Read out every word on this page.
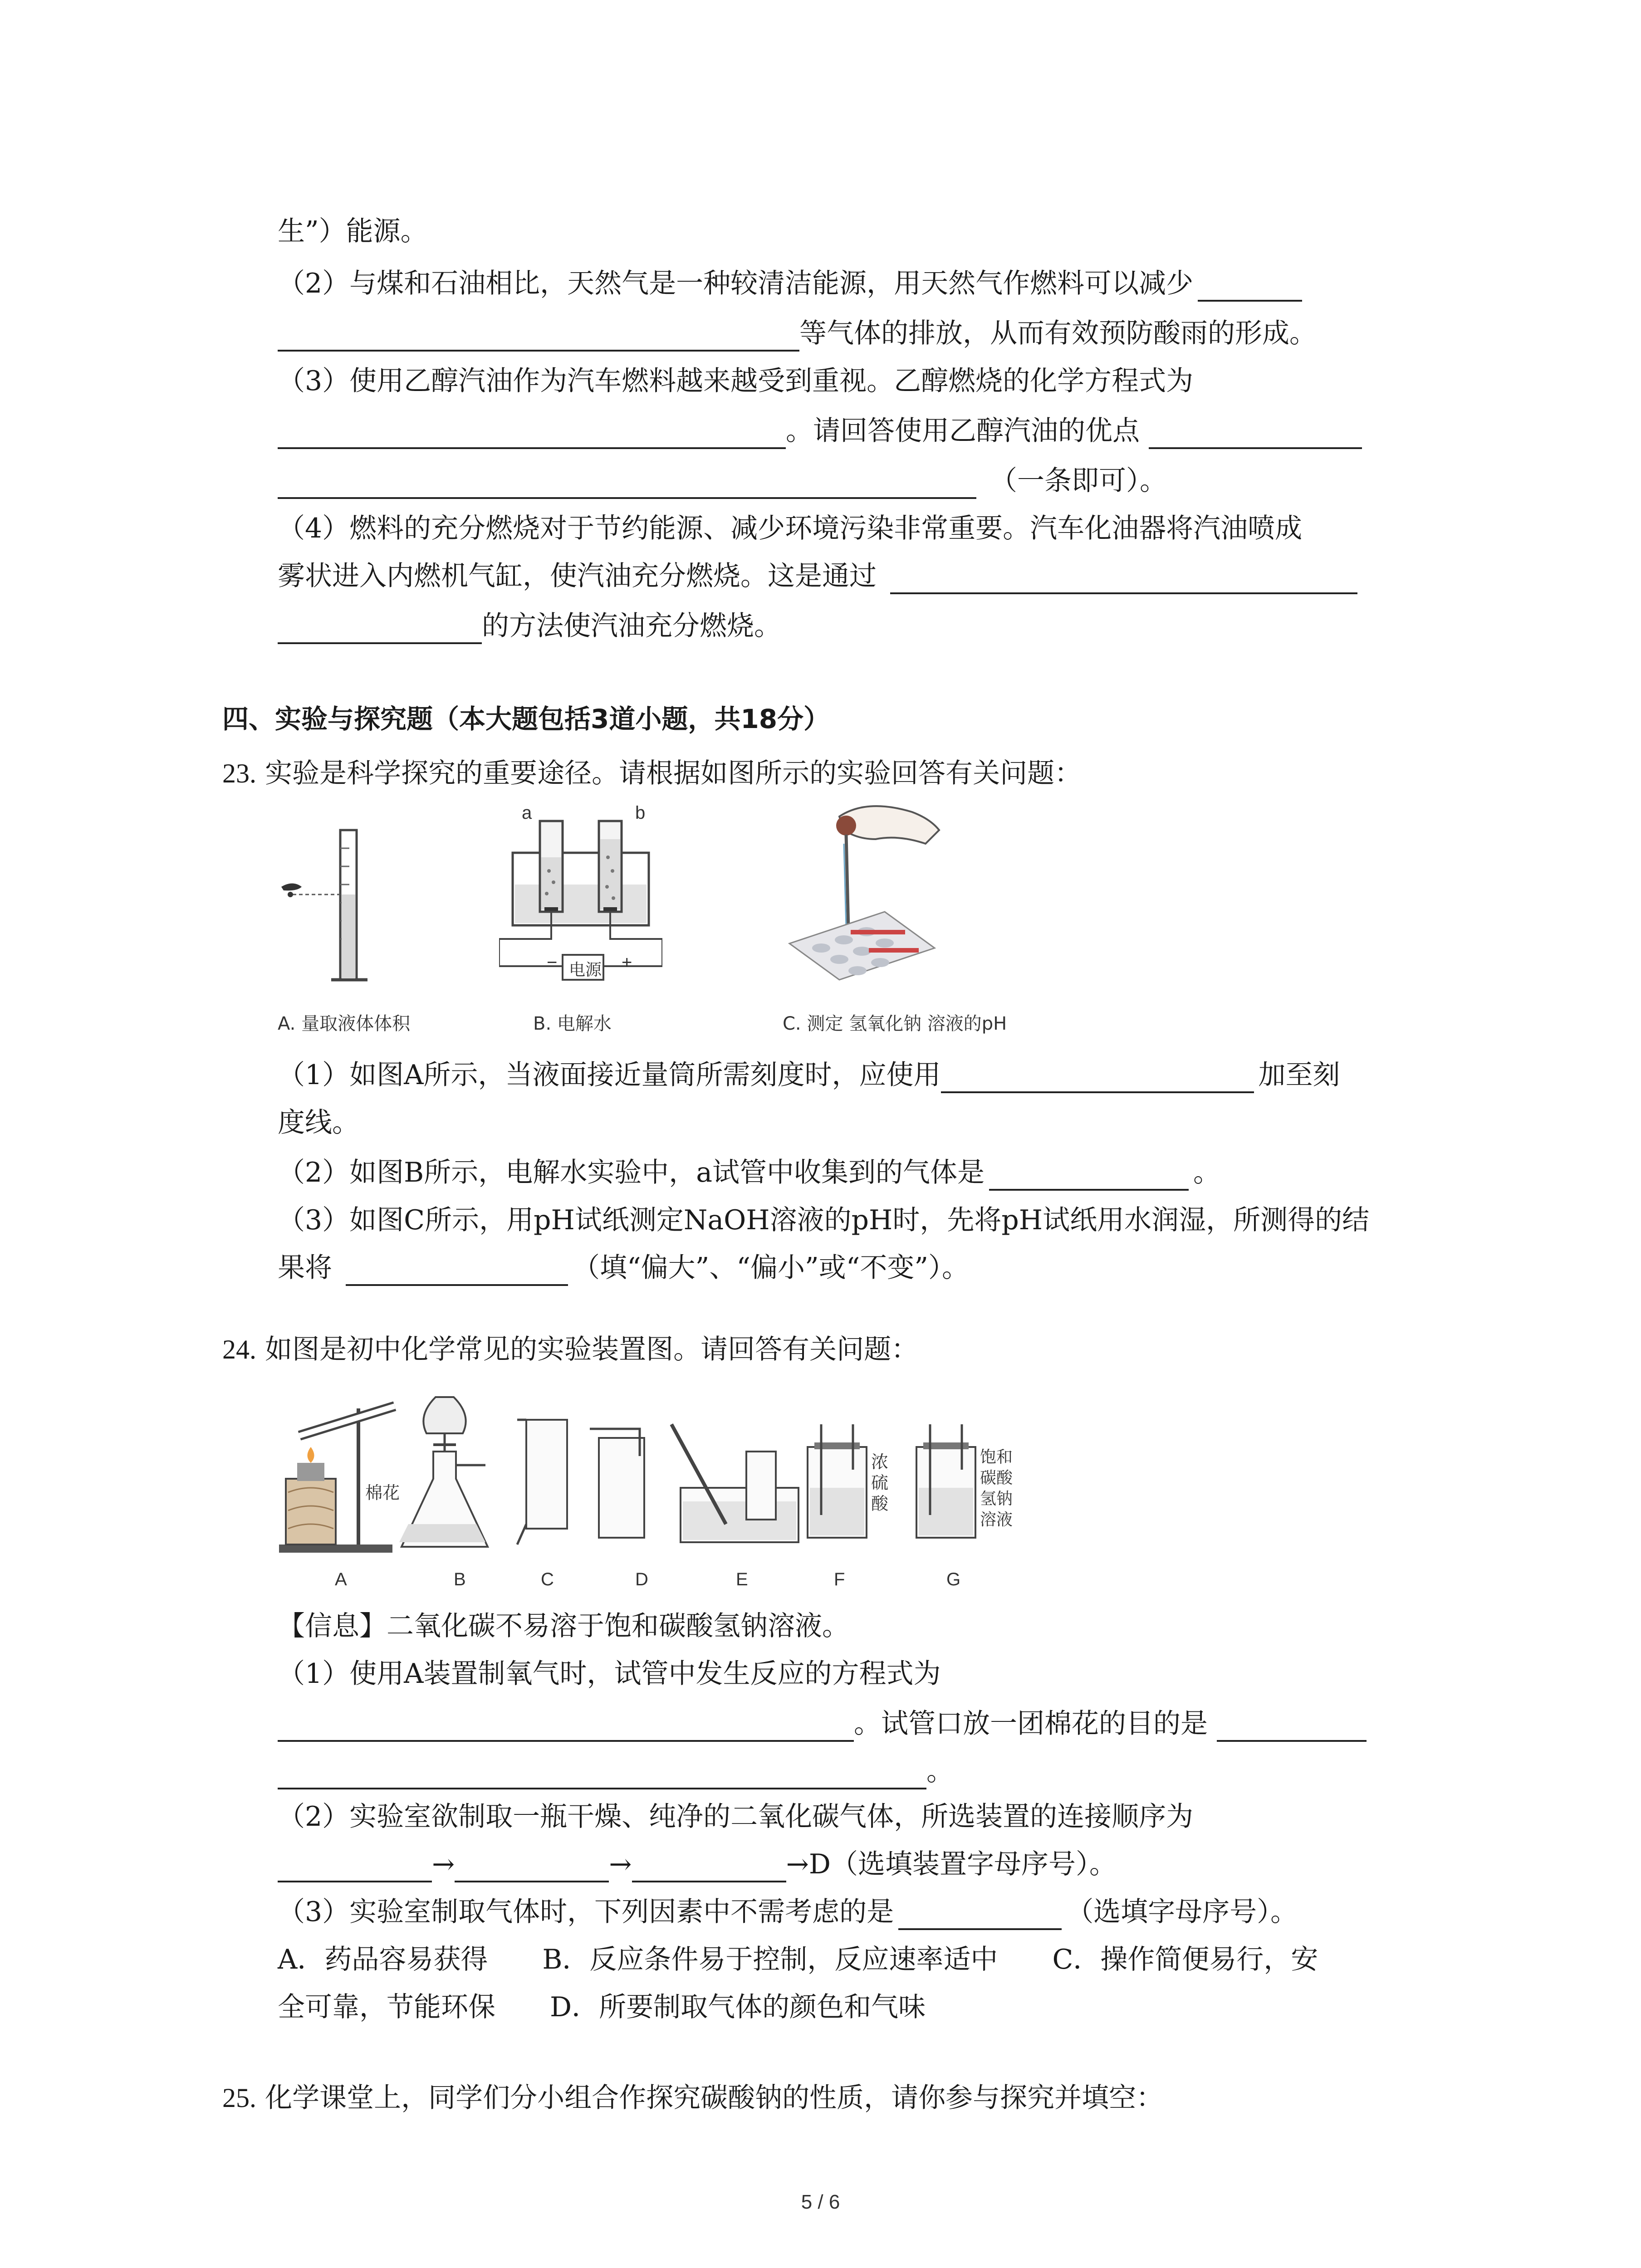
生”）能源。
（2）与煤和石油相比，天然气是一种较清洁能源，用天然气作燃料可以减少
等气体的排放，从而有效预防酸雨的形成。
（3）使用乙醇汽油作为汽车燃料越来越受到重视。乙醇燃烧的化学方程式为
。请回答使用乙醇汽油的优点
（一条即可）。
（4）燃料的充分燃烧对于节约能源、减少环境污染非常重要。汽车化油器将汽油喷成
雾状进入内燃机气缸，使汽油充分燃烧。这是通过
的方法使汽油充分燃烧。
四、实验与探究题（本大题包括3道小题，共18分）
23. 实验是科学探究的重要途径。请根据如图所示的实验回答有关问题：
A. 量取液体体积
a	b
电源
−	+
B. 电解水	C. 测定 氢氧化钠 溶液的pH
（1）如图A所示，当液面接近量筒所需刻度时，应使用	加至刻
度线。
（2）如图B所示，电解水实验中，a试管中收集到的气体是	。
（3）如图C所示，用pH试纸测定NaOH溶液的pH时，先将pH试纸用水润湿，所测得的结
果将	（填“偏大”、“偏小”或“不变”）。
24. 如图是初中化学常见的实验装置图。请回答有关问题：
棉花
浓硫酸
饱和碳酸氢钠溶液
A	B	C	D	E	F	G
【信息】二氧化碳不易溶于饱和碳酸氢钠溶液。
（1）使用A装置制氧气时，试管中发生反应的方程式为
。试管口放一团棉花的目的是
。
（2）实验室欲制取一瓶干燥、纯净的二氧化碳气体，所选装置的连接顺序为
→	→	→D（选填装置字母序号）。
（3）实验室制取气体时，下列因素中不需考虑的是	（选填字母序号）。
A．药品容易获得 B．反应条件易于控制，反应速率适中 C．操作简便易行，安
全可靠，节能环保 D．所要制取气体的颜色和气味
25. 化学课堂上，同学们分小组合作探究碳酸钠的性质，请你参与探究并填空：
5 / 6
